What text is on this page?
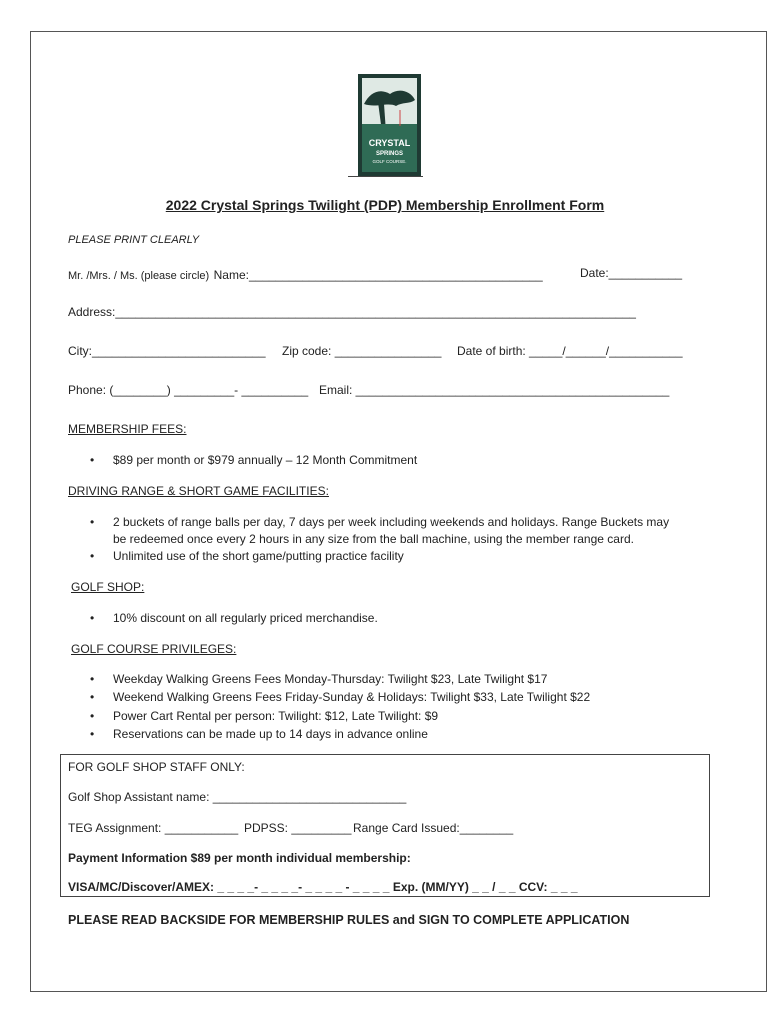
CRYSTAL
SPRINGS
GOLF COURSE.
2022 Crystal Springs Twilight (PDP) Membership Enrollment Form
PLEASE PRINT CLEARLY
Mr. /Mrs. / Ms. (please circle) Name:____________________________________________	Date:___________
Address:______________________________________________________________________________
City:__________________________ Zip code: ________________ Date of birth: _____/______/___________
Phone: (________) _________- __________ Email: _______________________________________________
MEMBERSHIP FEES:
• $89 per month or $979 annually – 12 Month Commitment
DRIVING RANGE & SHORT GAME FACILITIES:
• 2 buckets of range balls per day, 7 days per week including weekends and holidays. Range Buckets may
be redeemed once every 2 hours in any size from the ball machine, using the member range card.
• Unlimited use of the short game/putting practice facility
GOLF SHOP:
• 10% discount on all regularly priced merchandise.
GOLF COURSE PRIVILEGES:
• Weekday Walking Greens Fees Monday-Thursday: Twilight $23, Late Twilight $17
• Weekend Walking Greens Fees Friday-Sunday & Holidays: Twilight $33, Late Twilight $22
• Power Cart Rental per person: Twilight: $12, Late Twilight: $9
• Reservations can be made up to 14 days in advance online
FOR GOLF SHOP STAFF ONLY:
Golf Shop Assistant name: _____________________________
TEG Assignment: ___________ PDPSS: _________ Range Card Issued:________
Payment Information $89 per month individual membership:
VISA/MC/Discover/AMEX: _ _ _ _- _ _ _ _- _ _ _ _ - _ _ _ _ Exp. (MM/YY) _ _ / _ _ CCV: _ _ _
PLEASE READ BACKSIDE FOR MEMBERSHIP RULES and SIGN TO COMPLETE APPLICATION
